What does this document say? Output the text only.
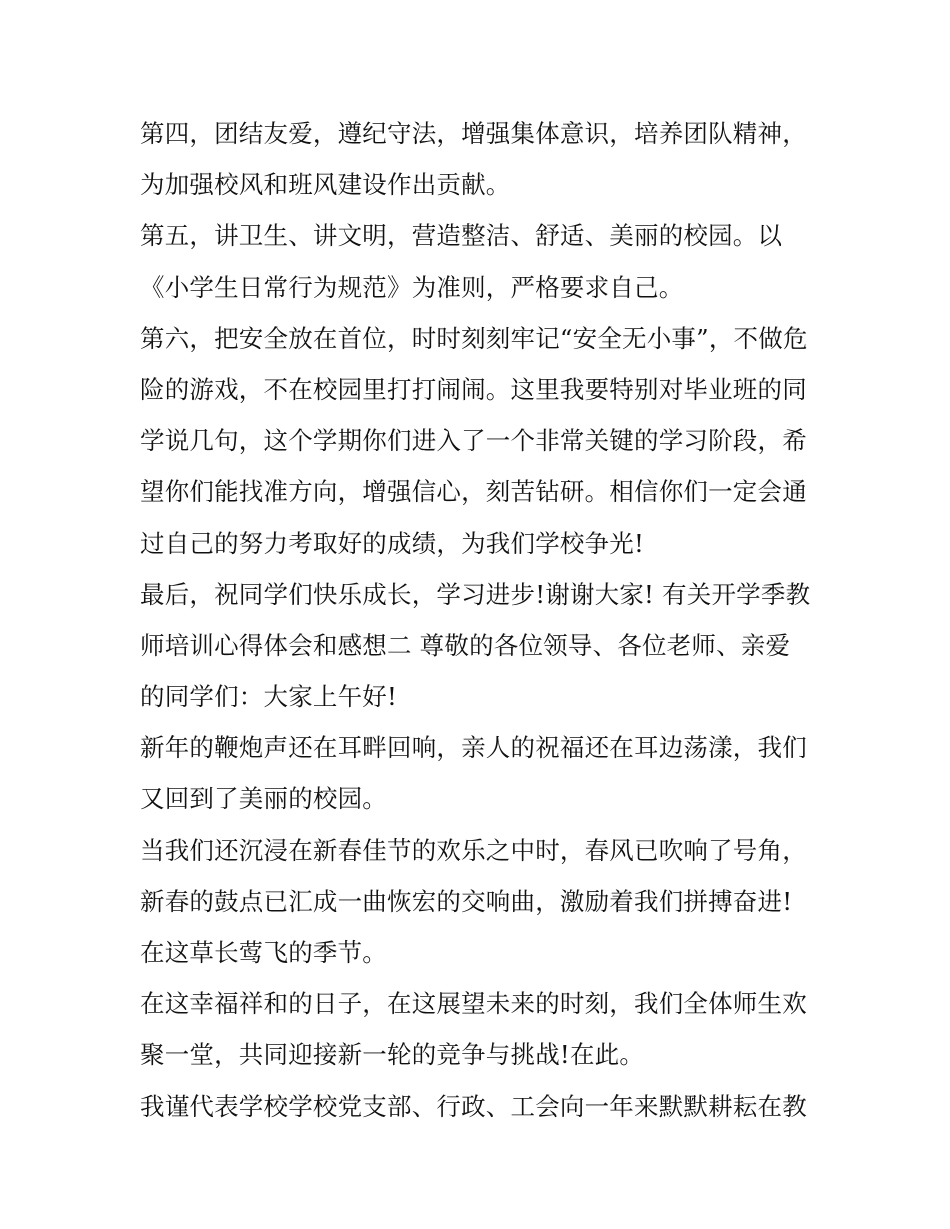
第四，团结友爱，遵纪守法，增强集体意识，培养团队精神，
为加强校风和班风建设作出贡献。
第五，讲卫生、讲文明，营造整洁、舒适、美丽的校园。以
《小学生日常行为规范》为准则，严格要求自己。
第六，把安全放在首位，时时刻刻牢记“安全无小事”，不做危
险的游戏，不在校园里打打闹闹。这里我要特别对毕业班的同
学说几句，这个学期你们进入了一个非常关键的学习阶段，希
望你们能找准方向，增强信心，刻苦钻研。相信你们一定会通
过自己的努力考取好的成绩，为我们学校争光!
最后，祝同学们快乐成长，学习进步!谢谢大家! 有关开学季教
师培训心得体会和感想二 尊敬的各位领导、各位老师、亲爱
的同学们：大家上午好!
新年的鞭炮声还在耳畔回响，亲人的祝福还在耳边荡漾，我们
又回到了美丽的校园。
当我们还沉浸在新春佳节的欢乐之中时，春风已吹响了号角，
新春的鼓点已汇成一曲恢宏的交响曲，激励着我们拼搏奋进!
在这草长莺飞的季节。
在这幸福祥和的日子，在这展望未来的时刻，我们全体师生欢
聚一堂，共同迎接新一轮的竞争与挑战!在此。
我谨代表学校学校党支部、行政、工会向一年来默默耕耘在教
